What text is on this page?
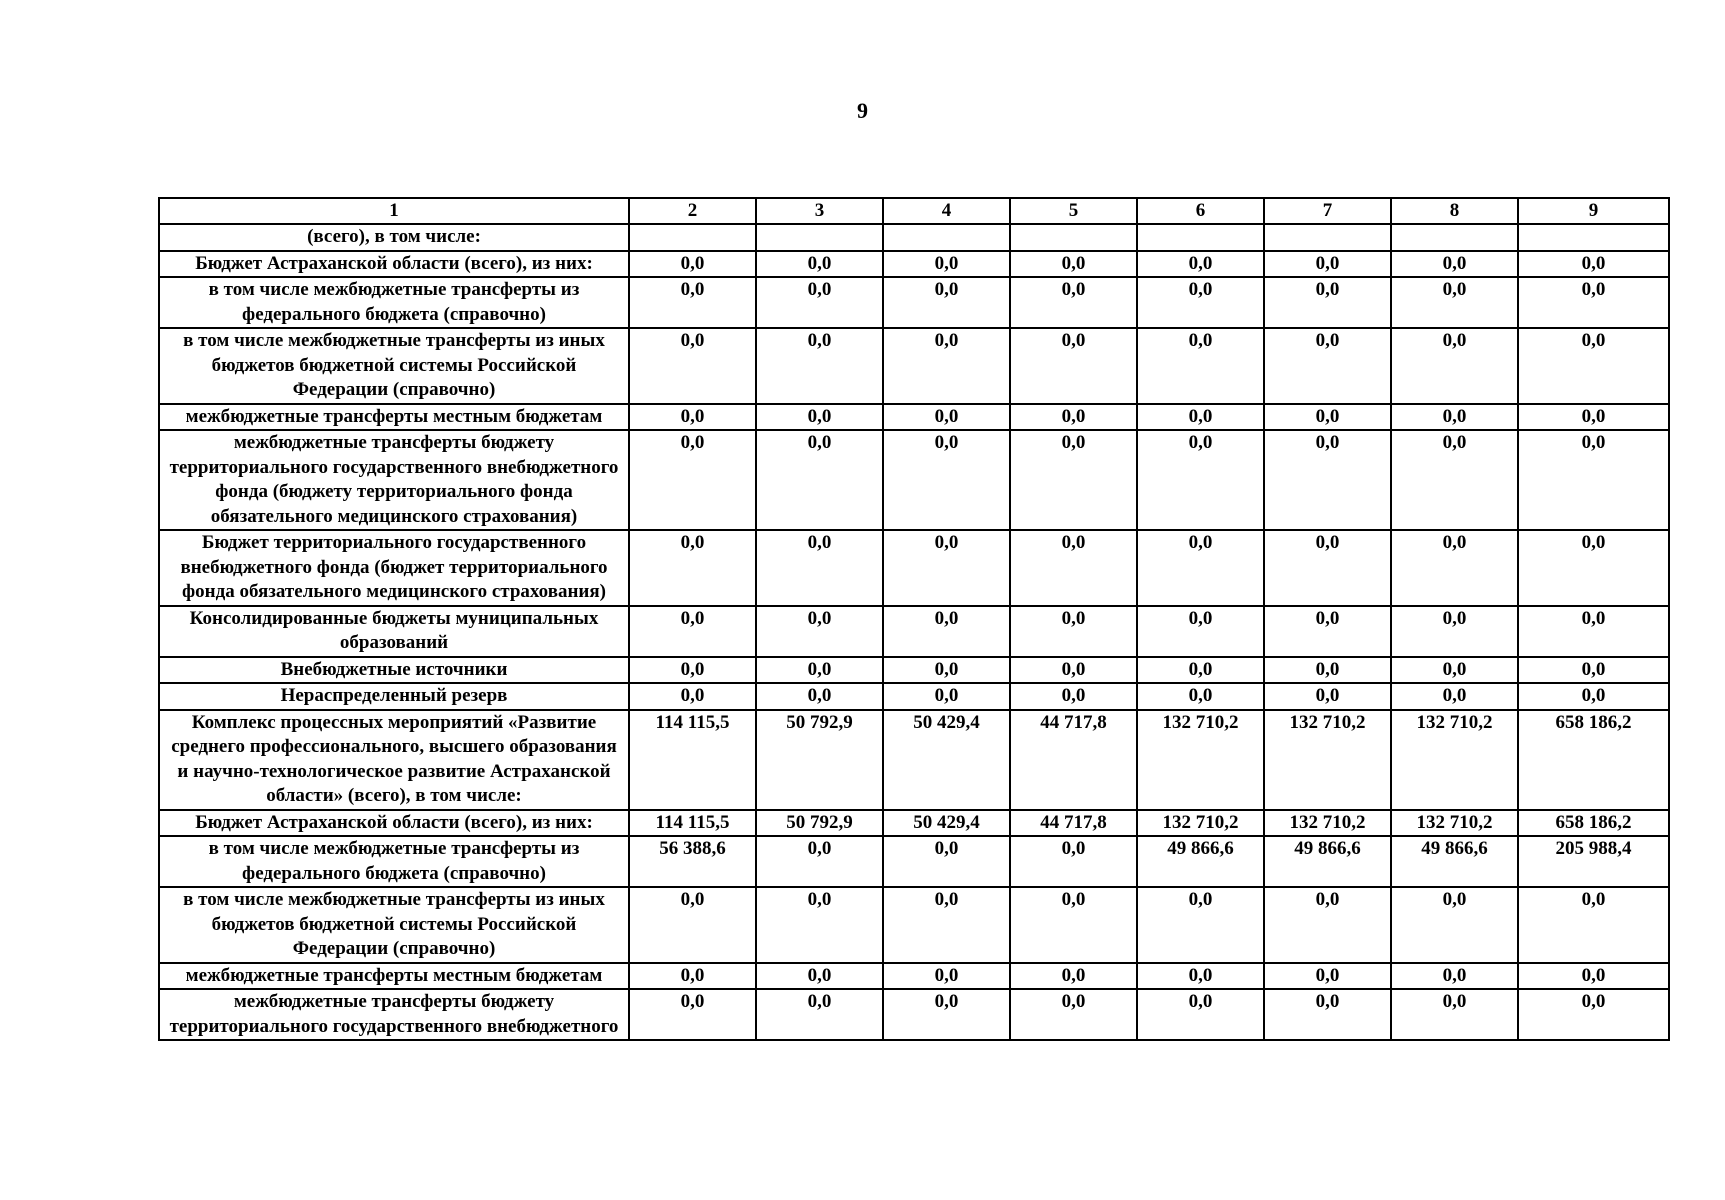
9
1	2	3	4	5	6	7	8	9
(всего), в том числе:								
Бюджет Астраханской области (всего), из них:	0,0	0,0	0,0	0,0	0,0	0,0	0,0	0,0
в том числе межбюджетные трансферты из федерального бюджета (справочно)	0,0	0,0	0,0	0,0	0,0	0,0	0,0	0,0
в том числе межбюджетные трансферты из иных бюджетов бюджетной системы Российской Федерации (справочно)	0,0	0,0	0,0	0,0	0,0	0,0	0,0	0,0
межбюджетные трансферты местным бюджетам	0,0	0,0	0,0	0,0	0,0	0,0	0,0	0,0
межбюджетные трансферты бюджету территориального государственного внебюджетного фонда (бюджету территориального фонда обязательного медицинского страхования)	0,0	0,0	0,0	0,0	0,0	0,0	0,0	0,0
Бюджет территориального государственного внебюджетного фонда (бюджет территориального фонда обязательного медицинского страхования)	0,0	0,0	0,0	0,0	0,0	0,0	0,0	0,0
Консолидированные бюджеты муниципальных образований	0,0	0,0	0,0	0,0	0,0	0,0	0,0	0,0
Внебюджетные источники	0,0	0,0	0,0	0,0	0,0	0,0	0,0	0,0
Нераспределенный резерв	0,0	0,0	0,0	0,0	0,0	0,0	0,0	0,0
Комплекс процессных мероприятий «Развитие среднего профессионального, высшего образования и научно-технологическое развитие Астраханской области» (всего), в том числе:	114 115,5	50 792,9	50 429,4	44 717,8	132 710,2	132 710,2	132 710,2	658 186,2
Бюджет Астраханской области (всего), из них:	114 115,5	50 792,9	50 429,4	44 717,8	132 710,2	132 710,2	132 710,2	658 186,2
в том числе межбюджетные трансферты из федерального бюджета (справочно)	56 388,6	0,0	0,0	0,0	49 866,6	49 866,6	49 866,6	205 988,4
в том числе межбюджетные трансферты из иных бюджетов бюджетной системы Российской Федерации (справочно)	0,0	0,0	0,0	0,0	0,0	0,0	0,0	0,0
межбюджетные трансферты местным бюджетам	0,0	0,0	0,0	0,0	0,0	0,0	0,0	0,0
межбюджетные трансферты бюджету территориального государственного внебюджетного	0,0	0,0	0,0	0,0	0,0	0,0	0,0	0,0
